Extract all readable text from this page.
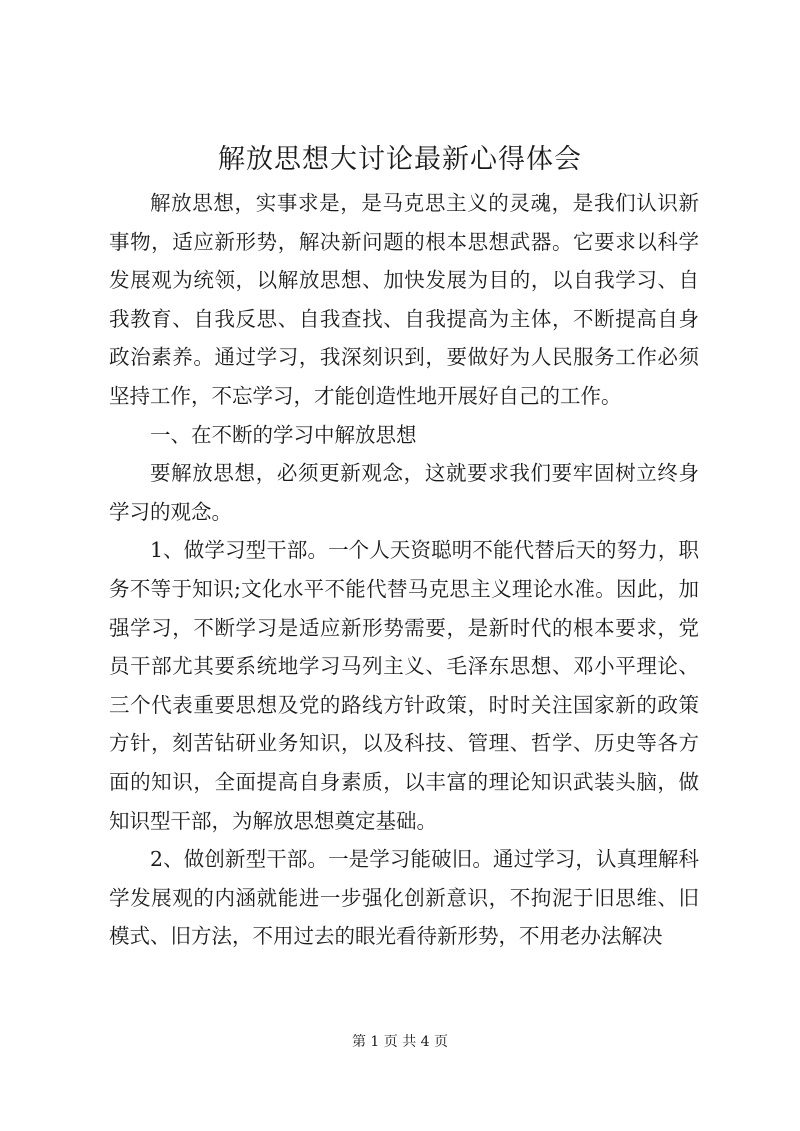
解放思想大讨论最新心得体会

解放思想，实事求是，是马克思主义的灵魂，是我们认识新事物，适应新形势，解决新问题的根本思想武器。它要求以科学发展观为统领，以解放思想、加快发展为目的，以自我学习、自我教育、自我反思、自我查找、自我提高为主体，不断提高自身政治素养。通过学习，我深刻识到，要做好为人民服务工作必须坚持工作，不忘学习，才能创造性地开展好自己的工作。

一、在不断的学习中解放思想

要解放思想，必须更新观念，这就要求我们要牢固树立终身学习的观念。

1、做学习型干部。一个人天资聪明不能代替后天的努力，职务不等于知识;文化水平不能代替马克思主义理论水准。因此，加强学习，不断学习是适应新形势需要，是新时代的根本要求，党员干部尤其要系统地学习马列主义、毛泽东思想、邓小平理论、三个代表重要思想及党的路线方针政策，时时关注国家新的政策方针，刻苦钻研业务知识，以及科技、管理、哲学、历史等各方面的知识，全面提高自身素质，以丰富的理论知识武装头脑，做知识型干部，为解放思想奠定基础。

2、做创新型干部。一是学习能破旧。通过学习，认真理解科学发展观的内涵就能进一步强化创新意识，不拘泥于旧思维、旧模式、旧方法，不用过去的眼光看待新形势，不用老办法解决

第 1 页 共 4 页
